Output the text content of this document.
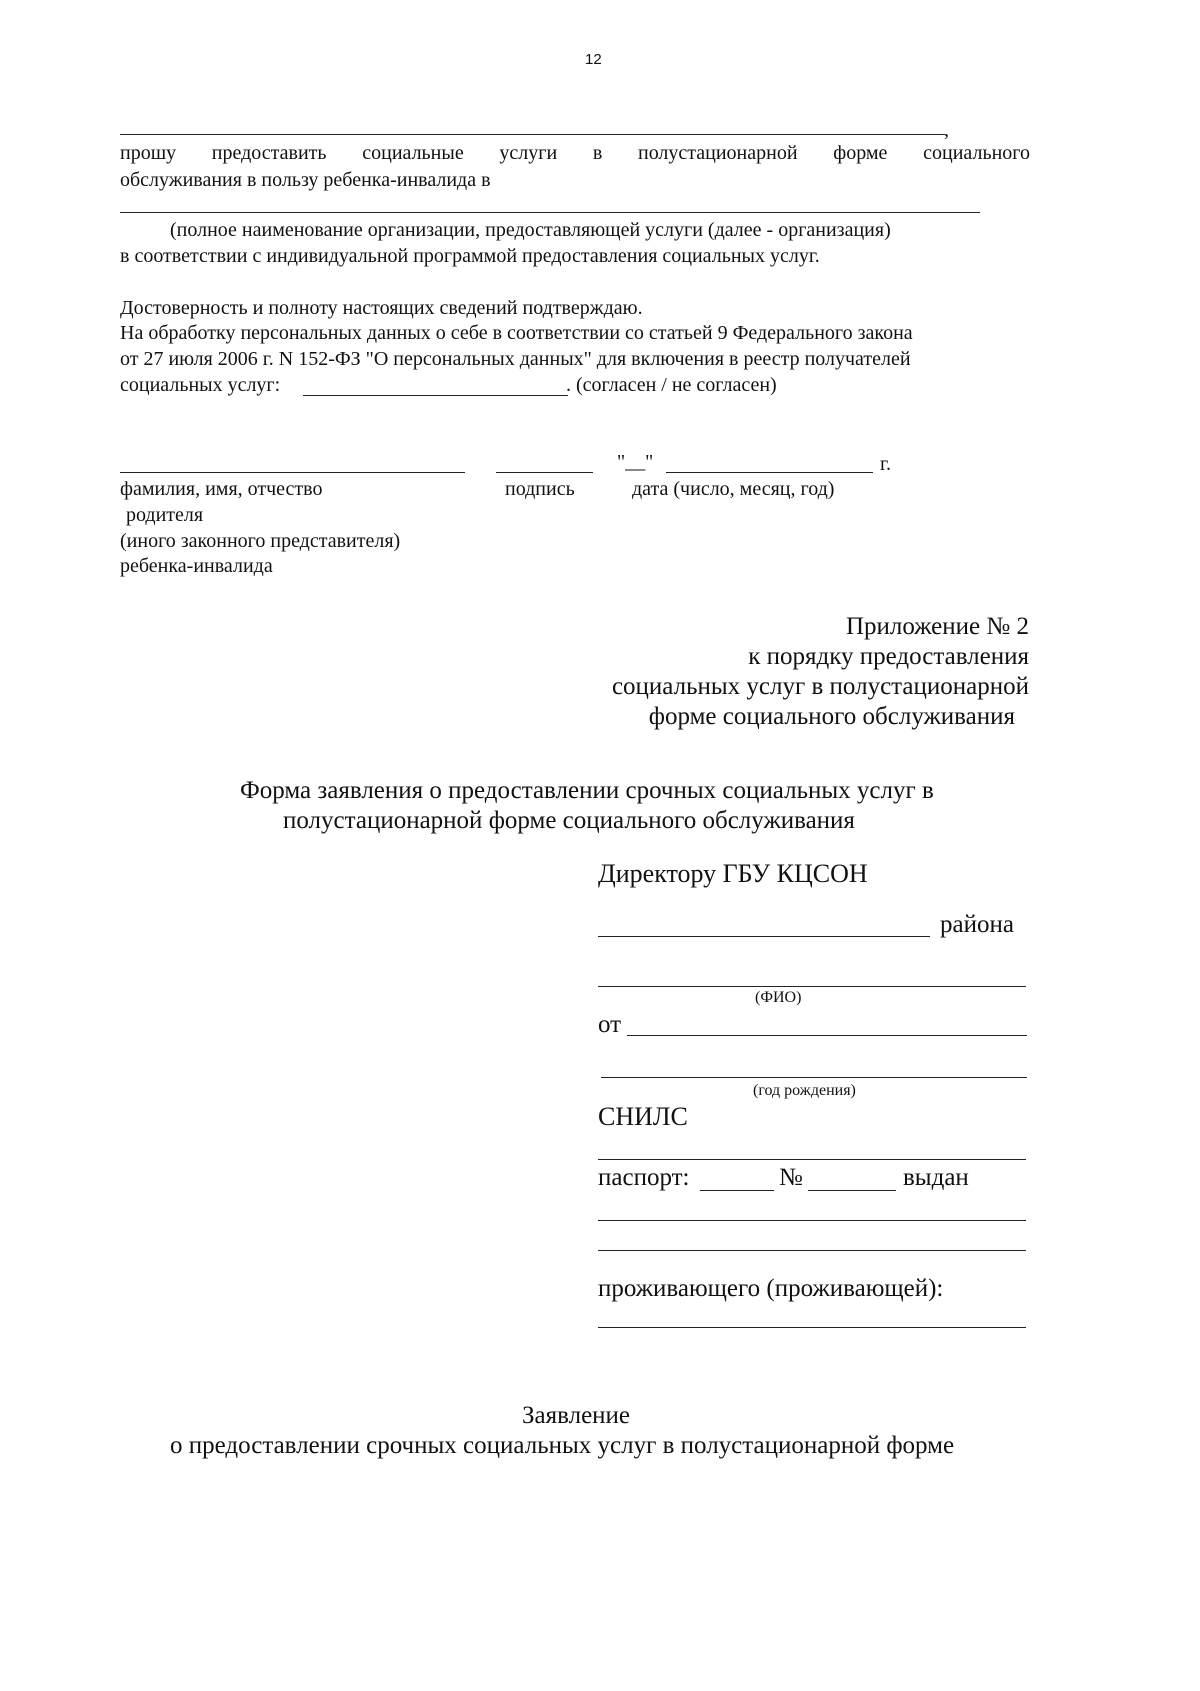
12
,
прошу предоставить социальные услуги в полустационарной форме социального
обслуживания в пользу ребенка-инвалида в
(полное наименование организации, предоставляющей услуги (далее - организация)
в соответствии с индивидуальной программой предоставления социальных услуг.
Достоверность и полноту настоящих сведений подтверждаю.
На обработку персональных данных о себе в соответствии со статьей 9 Федерального закона
от 27 июля 2006 г. N 152-ФЗ "О персональных данных" для включения в реестр получателей
социальных услуг:	. (согласен / не согласен)
"__"	г.
фамилия, имя, отчество	подпись	дата (число, месяц, год)
родителя
(иного законного представителя)
ребенка-инвалида
Приложение № 2
к порядку предоставления
социальных услуг в полустационарной
форме социального обслуживания
Форма заявления о предоставлении срочных социальных услуг в
полустационарной форме социального обслуживания
Директору ГБУ КЦСОН
района
(ФИО)
от
(год рождения)
СНИЛС
паспорт:	№	выдан
проживающего (проживающей):
Заявление
о предоставлении срочных социальных услуг в полустационарной форме
